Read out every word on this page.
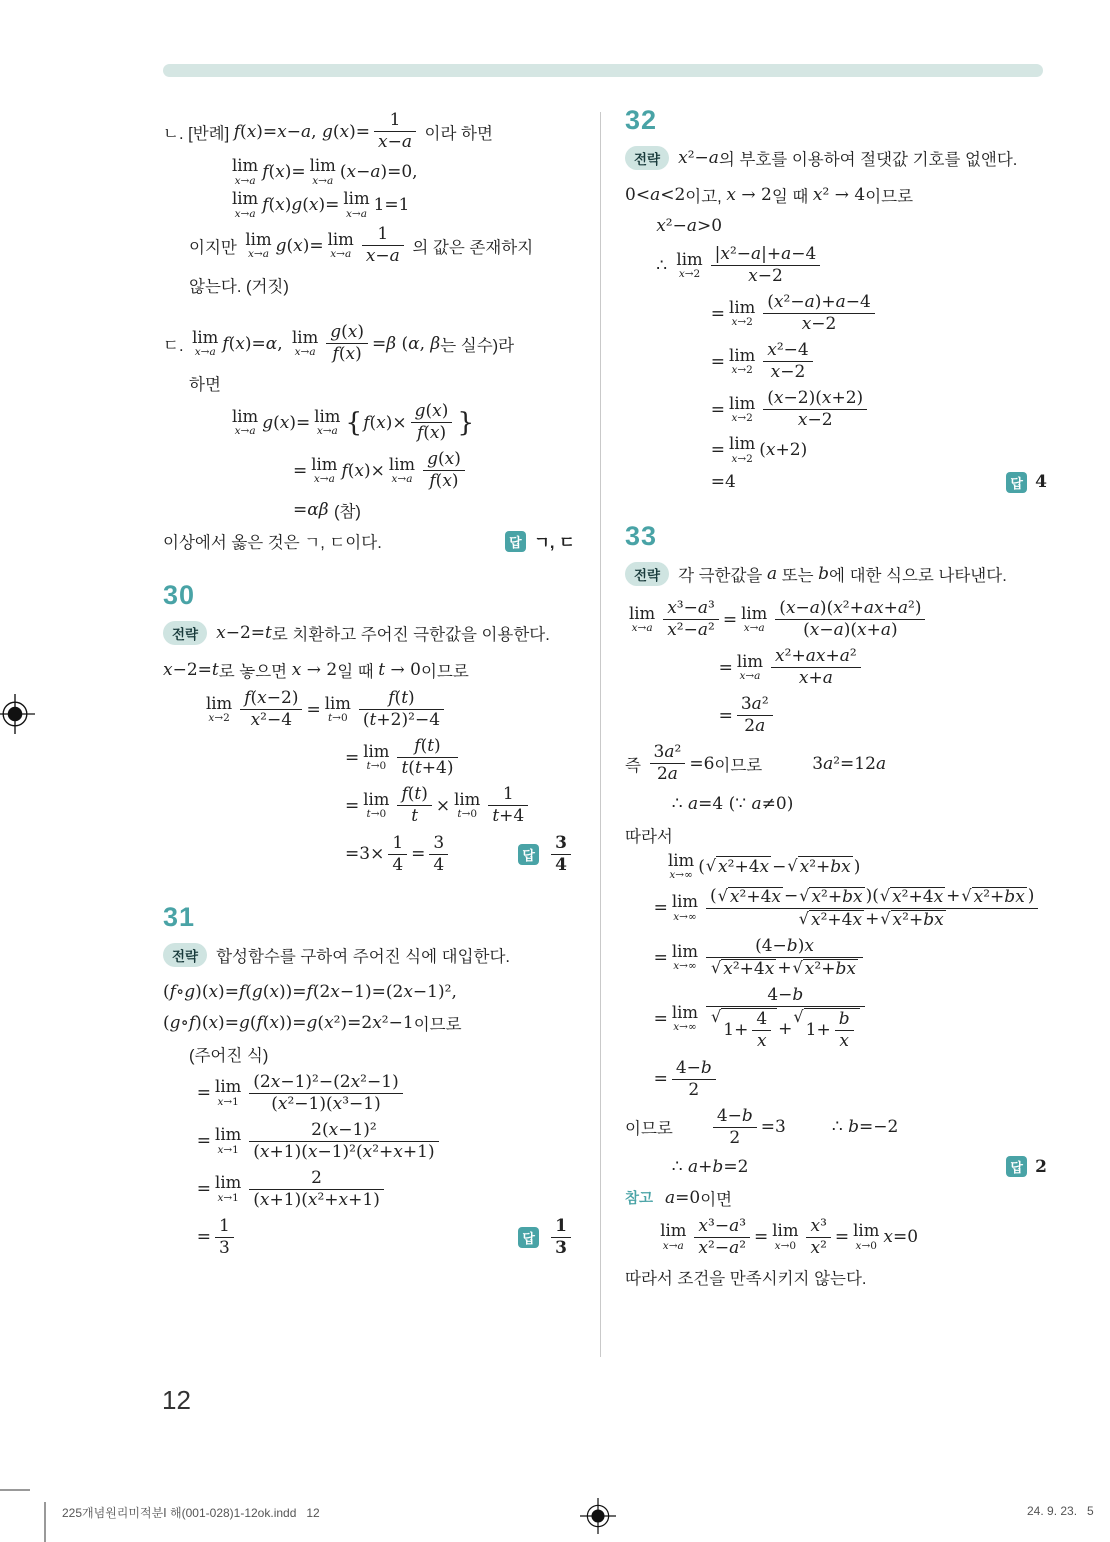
ㄴ. [반례] f(x)=x−a, $g(x)= \frac{1}{x-a}$ 이라 하면
lim
x→a f(x)= lim
x→a (x−a)=0,
lim
x→a f(x)g(x)= lim
x→a 1=1
이지만 lim
x→a g(x)= lim
$x\to a \frac{1}{x-a}$ 의 값은 존재하지
않는다. (거짓)
ㄷ. lim
x→a f(x)=α, lim
$x\to a \frac{g(x)}{f(x)} =\beta$ (α, β 는 실수)라
하면
lim
x→a g(x)= lim
x→a { $f(x)\times \frac{g(x)}{f(x)}$ }
= lim
x→a f(x)× lim
$x\to a \frac{g(x)}{f(x)}$
=αβ (참)
이상에서 옳은 것은 ㄱ, ㄷ이다.	답 ㄱ, ㄷ
30
전략	x−2=t 로 치환하고 주어진 극한값을 이용한다.
x−2=t 로 놓으면 x → 2 일 때 t → 0 이므로
lim
$x\to 2 \frac{f(x-2)}{\text{x²−4}} = \lim$
$t\to 0 \frac{f(t)}{\text{(t+2)²−4}}$
= lim
$t\to 0 \frac{f(t)}{t(t+4)}$
= lim
$t\to 0 \frac{f(t)}{t} \times \lim$
$t\to 0 \frac{1}{t+4}$
$=3\times \frac{1}{4} = \frac{3}{4}$	답 $\frac{3}{4}$
31
전략	합성함수를 구하여 주어진 식에 대입한다.
(f∘g)(x)=f(g(x))=f(2x−1)=(2x−1)²,
(g∘f)(x)=g(f(x))=g(x²)=2x²−1 이므로
(주어진 식)
= lim
$x\to 1 \frac{\text{(2x−1)²−(2x²−1)}}{\text{(x²−1)(x³−1)}}$
= lim
$x\to 1 \frac{\text{2(x−1)²}}{\text{(x+1)(x−1)²(x²+x+1)}}$
= lim
$x\to 1 \frac{2}{\text{(x+1)(x²+x+1)}}$
= $\frac{1}{3}$	답 $\frac{1}{3}$
32
전략	x²−a 의 부호를 이용하여 절댓값 기호를 없앤다.
0<a<2 이고, x → 2 일 때 x² → 4 이므로
x²−a>0
∴ lim
$x\to 2 \frac{\text{|x²−a|+a−4}}{x-2}$
= lim
$x\to 2 \frac{\text{(x²−a)+a−4}}{x-2}$
= lim
$x\to 2 \frac{\text{x²−4}}{x-2}$
= lim
$x\to 2 \frac{(x-2)(x+2)}{x-2}$
= lim
x→2 (x+2)
=4	답 4
33
전략	각 극한값을 a 또는 b 에 대한 식으로 나타낸다.
lim
$x\to a \frac{\text{x³−a³}}{\text{x²−a²}} = \lim$
$x\to a \frac{\text{(x−a)(x²+ax+a²)}}{(x-a)(x+a)}$
= lim
$x\to a \frac{\text{x²+ax+a²}}{x+a}$
= $\frac{\text{3a²}}{2a}$
즉 $\frac{\text{3a²}}{2a} =6$ 이므로	3a²=12a
∴ a=4 (∵ a≠0)
따라서
lim
x→∞ ( √ x²+4x − √ x²+bx )
= lim
$x\to\infty \frac{\text{( √ x²+4x − √ x²+bx )( √ x²+4x + √ x²+bx )}}{\text{√ x²+4x + √ x²+bx}}$
= lim
$x\to\infty \frac{(4-b)x}{\text{√ x²+4x + √ x²+bx}}$
= lim
x→∞ 4−b
√
$1+ \frac{4}{x}$ +
√
$1+ \frac{b}{x}$
= $\frac{4-b}{2}$
이므로 $\frac{4-b}{2} =3$	∴ b=−2
∴ a+b=2	답 2
참고 a=0 이면
lim
$x\to a \frac{\text{x³−a³}}{\text{x²−a²}} = \lim$
$x\to 0 \frac{\text{x³}}{\text{x²}} = \lim$
x→0 x=0
따라서 조건을 만족시키지 않는다.
12
225개념원리미적분Ⅰ 해(001-028)1-12ok.indd   12	24. 9. 23.   5
